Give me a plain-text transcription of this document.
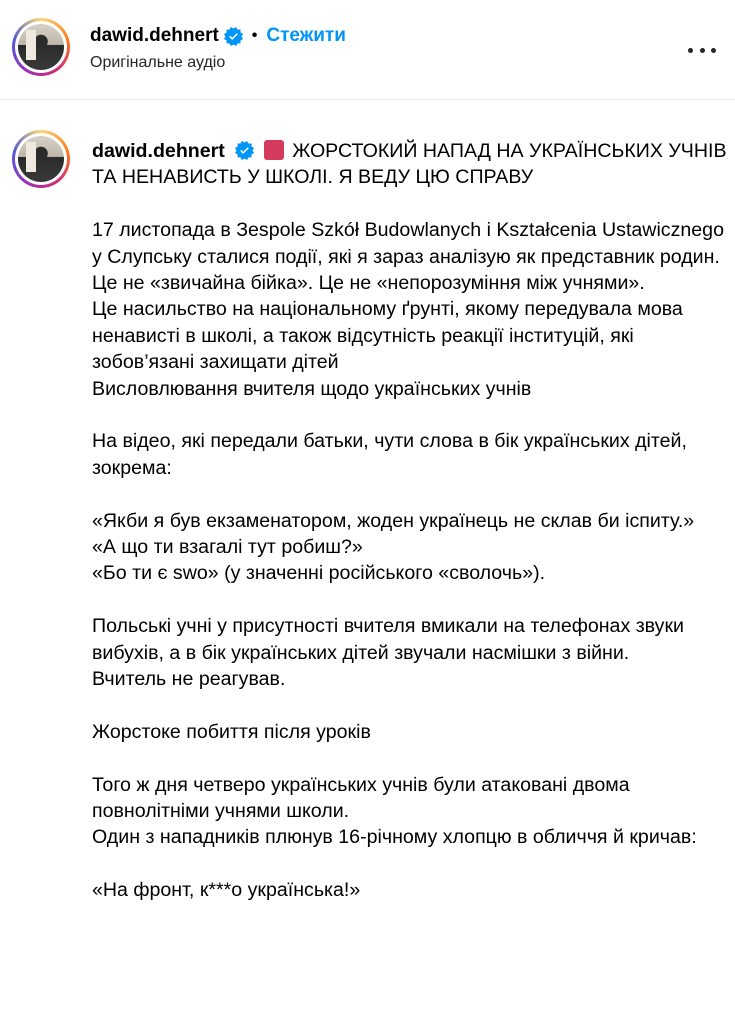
dawid.dehnert • Стежити
Оригінальне аудіо
dawid.dehnert	ЖОРСТОКИЙ НАПАД НА УКРАЇНСЬКИХ УЧНІВ ТА НЕНАВИСТЬ У ШКОЛІ. Я ВЕДУ ЦЮ СПРАВУ
17 листопада в Зespole Szkół Budowlanych i Kształcenia Ustawicznego у Слупську сталися події, які я зараз аналізую як представник родин.
Це не «звичайна бійка». Це не «непорозуміння між учнями».
Це насильство на національному ґрунті, якому передувала мова ненависті в школі, а також відсутність реакції інституцій, які зобов’язані захищати дітей
Висловлювання вчителя щодо українських учнів
На відео, які передали батьки, чути слова в бік українських дітей, зокрема:
«Якби я був екзаменатором, жоден українець не склав би іспиту.»
«А що ти взагалі тут робиш?»
«Бо ти є swo» (у значенні російського «сволочь»).
Польські учні у присутності вчителя вмикали на телефонах звуки вибухів, а в бік українських дітей звучали насмішки з війни.
Вчитель не реагував.
Жорстоке побиття після уроків
Того ж дня четверо українських учнів були атаковані двома повнолітніми учнями школи.
Один з нападників плюнув 16-річному хлопцю в обличчя й кричав:
«На фронт, к***о українська!»
